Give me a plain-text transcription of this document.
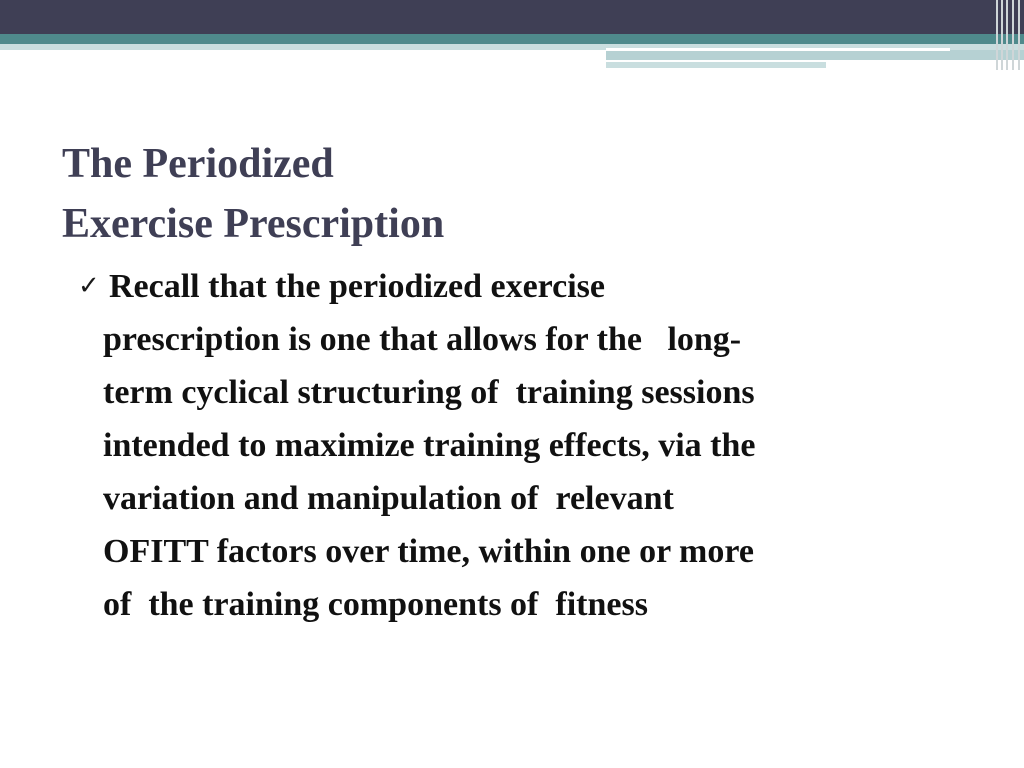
The Periodized
Exercise Prescription
✓ Recall that the periodized exercise
prescription is one that allows for the   long-
term cyclical structuring of  training sessions
intended to maximize training effects, via the
variation and manipulation of  relevant
OFITT factors over time, within one or more
of  the training components of  fitness
